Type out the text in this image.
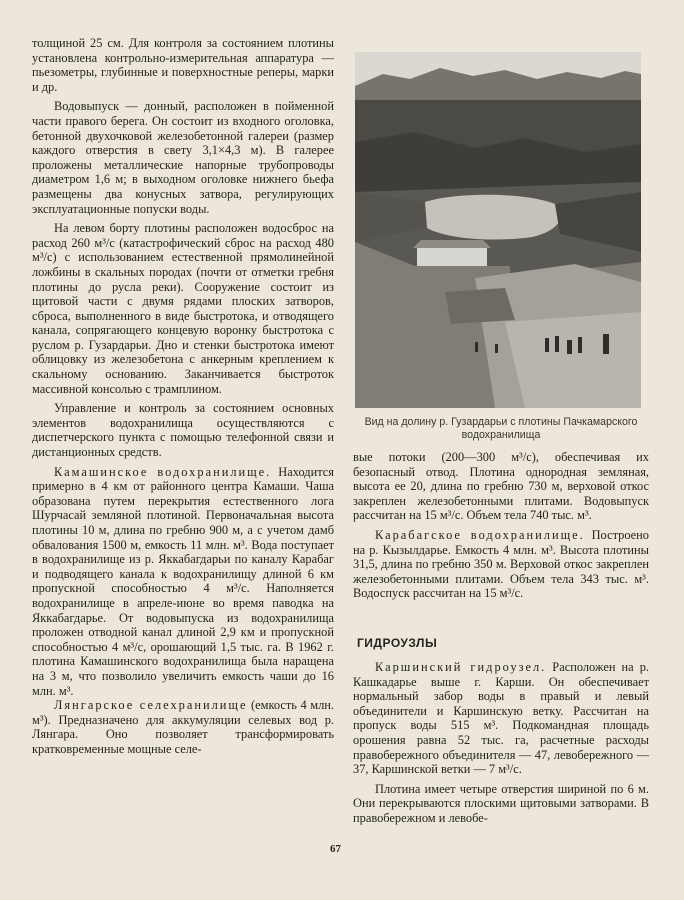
толщиной 25 см. Для контроля за состоянием плотины установлена контрольно-измерительная аппаратура — пьезометры, глубинные и поверхностные реперы, марки и др.

Водовыпуск — донный, расположен в пойменной части правого берега. Он состоит из входного оголовка, бетонной двухочковой железобетонной галереи (размер каждого отверстия в свету 3,1×4,3 м). В галерее проложены металлические напорные трубопроводы диаметром 1,6 м; в выходном оголовке нижнего бьефа размещены два конусных затвора, регулирующих эксплуатационные попуски воды.

На левом борту плотины расположен водосброс на расход 260 м³/с (катастрофический сброс на расход 480 м³/с) с использованием естественной прямолинейной ложбины в скальных породах (почти от отметки гребня плотины до русла реки). Сооружение состоит из щитовой части с двумя рядами плоских затворов, сброса, выполненного в виде быстротока, и отводящего канала, сопрягающего концевую воронку быстротока с руслом р. Гузардарьи. Дно и стенки быстротока имеют облицовку из железобетона с анкерным креплением к скальному основанию. Заканчивается быстроток массивной консолью с трамплином.

Управление и контроль за состоянием основных элементов водохранилища осуществляются с диспетчерского пункта с помощью телефонной связи и дистанционных средств.

Камашинское водохранилище. Находится примерно в 4 км от районного центра Камаши. Чаша образована путем перекрытия естественного лога Шурчасай земляной плотиной. Первоначальная высота плотины 10 м, длина по гребню 900 м, а с учетом дамб обвалования 1500 м, емкость 11 млн. м³. Вода поступает в водохранилище из р. Яккабагдарьи по каналу Карабаг и подводящего канала к водохранилищу длиной 6 км пропускной способностью 4 м³/с. Наполняется водохранилище в апреле-июне во время паводка на Яккабагдарье. От водовыпуска из водохранилища проложен отводной канал длиной 2,9 км и пропускной способностью 4 м³/с, орошающий 1,5 тыс. га. В 1962 г. плотина Камашинского водохранилища была наращена на 3 м, что позволило увеличить емкость чаши до 16 млн. м³.

Лянгарское селехранилище (емкость 4 млн. м³). Предназначено для аккумуляции селевых вод р. Лянгара. Оно позволяет трансформировать кратковременные мощные селе-

Вид на долину р. Гузардарьи с плотины Пачкамарского водохранилища

вые потоки (200—300 м³/с), обеспечивая их безопасный отвод. Плотина однородная земляная, высота ее 20, длина по гребню 730 м, верховой откос закреплен железобетонными плитами. Водовыпуск рассчитан на 15 м³/с. Объем тела 740 тыс. м³.

Карабагское водохранилище. Построено на р. Кызылдарье. Емкость 4 млн. м³. Высота плотины 31,5, длина по гребню 350 м. Верховой откос закреплен железобетонными плитами. Объем тела 343 тыс. м³. Водоспуск рассчитан на 15 м³/с.

ГИДРОУЗЛЫ

Каршинский гидроузел. Расположен на р. Кашкадарье выше г. Карши. Он обеспечивает нормальный забор воды в правый и левый объединители и Каршинскую ветку. Рассчитан на пропуск воды 515 м³. Подкомандная площадь орошения равна 52 тыс. га, расчетные расходы правобережного объединителя — 47, левобережного — 37, Каршинской ветки — 7 м³/с.

Плотина имеет четыре отверстия шириной по 6 м. Они перекрываются плоскими щитовыми затворами. В правобережном и левобе-

67
